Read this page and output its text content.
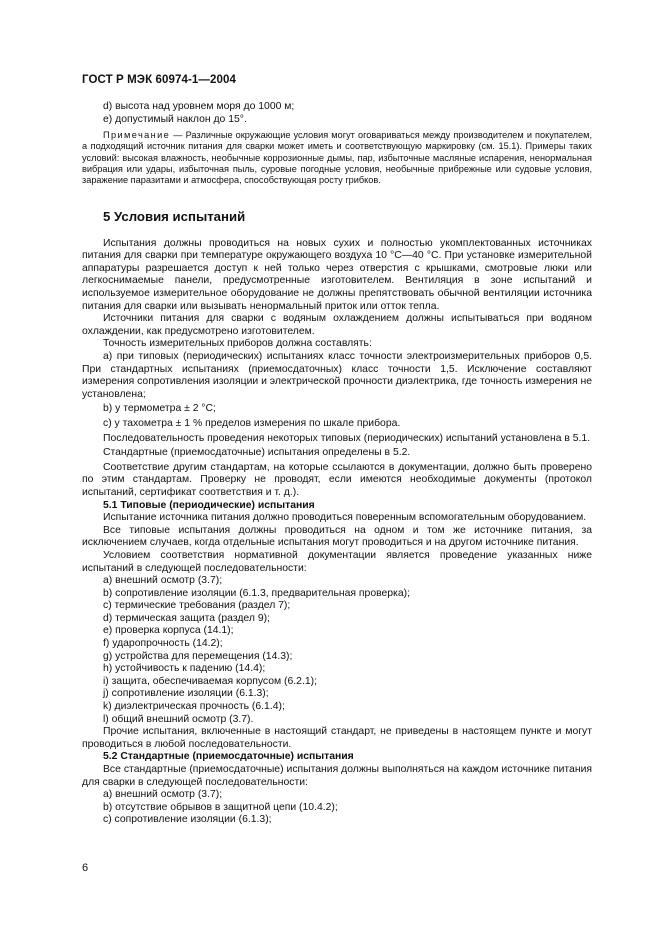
ГОСТ Р МЭК 60974-1—2004
d) высота над уровнем моря до 1000 м;
e) допустимый наклон до 15°.
Примечание — Различные окружающие условия могут оговариваться между производителем и покупателем, а подходящий источник питания для сварки может иметь и соответствующую маркировку (см. 15.1). Примеры таких условий: высокая влажность, необычные коррозионные дымы, пар, избыточные масляные испарения, ненормальная вибрация или удары, избыточная пыль, суровые погодные условия, необычные прибрежные или судовые условия, заражение паразитами и атмосфера, способствующая росту грибков.
5 Условия испытаний
Испытания должны проводиться на новых сухих и полностью укомплектованных источниках питания для сварки при температуре окружающего воздуха 10 °С—40 °С. При установке измерительной аппаратуры разрешается доступ к ней только через отверстия с крышками, смотровые люки или легкоснимаемые панели, предусмотренные изготовителем. Вентиляция в зоне испытаний и используемое измерительное оборудование не должны препятствовать обычной вентиляции источника питания для сварки или вызывать ненормальный приток или отток тепла.
Источники питания для сварки с водяным охлаждением должны испытываться при водяном охлаждении, как предусмотрено изготовителем.
Точность измерительных приборов должна составлять:
a) при типовых (периодических) испытаниях класс точности электроизмерительных приборов 0,5. При стандартных испытаниях (приемосдаточных) класс точности 1,5. Исключение составляют измерения сопротивления изоляции и электрической прочности диэлектрика, где точность измерения не установлена;
b) у термометра ± 2 °С;
c) у тахометра ± 1 % пределов измерения по шкале прибора.
Последовательность проведения некоторых типовых (периодических) испытаний установлена в 5.1.
Стандартные (приемосдаточные) испытания определены в 5.2.
Соответствие другим стандартам, на которые ссылаются в документации, должно быть проверено по этим стандартам. Проверку не проводят, если имеются необходимые документы (протокол испытаний, сертификат соответствия и т. д.).
5.1 Типовые (периодические) испытания
Испытание источника питания должно проводиться поверенным вспомогательным оборудованием.
Все типовые испытания должны проводиться на одном и том же источнике питания, за исключением случаев, когда отдельные испытания могут проводиться и на другом источнике питания.
Условием соответствия нормативной документации является проведение указанных ниже испытаний в следующей последовательности:
a) внешний осмотр (3.7);
b) сопротивление изоляции (6.1.3, предварительная проверка);
c) термические требования (раздел 7);
d) термическая защита (раздел 9);
e) проверка корпуса (14.1);
f) ударопрочность (14.2);
g) устройства для перемещения (14.3);
h) устойчивость к падению (14.4);
i) защита, обеспечиваемая корпусом (6.2.1);
j) сопротивление изоляции (6.1.3);
k) диэлектрическая прочность (6.1.4);
l) общий внешний осмотр (3.7).
Прочие испытания, включенные в настоящий стандарт, не приведены в настоящем пункте и могут проводиться в любой последовательности.
5.2 Стандартные (приемосдаточные) испытания
Все стандартные (приемосдаточные) испытания должны выполняться на каждом источнике питания для сварки в следующей последовательности:
a) внешний осмотр (3.7);
b) отсутствие обрывов в защитной цепи (10.4.2);
c) сопротивление изоляции (6.1.3);
6
